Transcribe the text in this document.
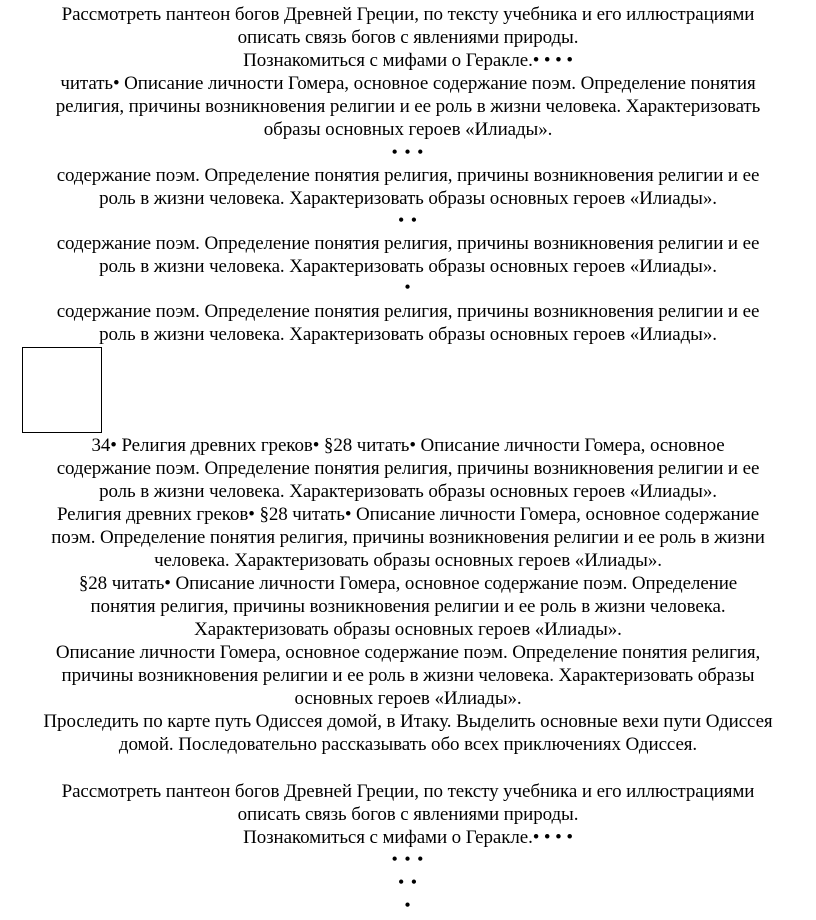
Рассмотреть пантеон богов Древней Греции, по тексту учебника и его иллюстрациями
описать связь богов с явлениями природы.
Познакомиться с мифами о Геракле.• • • •
читать• Описание личности Гомера, основное содержание поэм. Определение понятия
религия, причины возникновения религии и ее роль в жизни человека. Характеризовать
образы основных героев «Илиады».
• • •
содержание поэм. Определение понятия религия, причины возникновения религии и ее
роль в жизни человека. Характеризовать образы основных героев «Илиады».
• •
содержание поэм. Определение понятия религия, причины возникновения религии и ее
роль в жизни человека. Характеризовать образы основных героев «Илиады».
•
содержание поэм. Определение понятия религия, причины возникновения религии и ее
роль в жизни человека. Характеризовать образы основных героев «Илиады».
34• Религия древних греков• §28 читать• Описание личности Гомера, основное
содержание поэм. Определение понятия религия, причины возникновения религии и ее
роль в жизни человека. Характеризовать образы основных героев «Илиады».
Религия древних греков• §28 читать• Описание личности Гомера, основное содержание
поэм. Определение понятия религия, причины возникновения религии и ее роль в жизни
человека. Характеризовать образы основных героев «Илиады».
§28 читать• Описание личности Гомера, основное содержание поэм. Определение
понятия религия, причины возникновения религии и ее роль в жизни человека.
Характеризовать образы основных героев «Илиады».
Описание личности Гомера, основное содержание поэм. Определение понятия религия,
причины возникновения религии и ее роль в жизни человека. Характеризовать образы
основных героев «Илиады».
Проследить по карте путь Одиссея домой, в Итаку. Выделить основные вехи пути Одиссея
домой. Последовательно рассказывать обо всех приключениях Одиссея.
Рассмотреть пантеон богов Древней Греции, по тексту учебника и его иллюстрациями
описать связь богов с явлениями природы.
Познакомиться с мифами о Геракле.• • • •
• • •
• •
•
